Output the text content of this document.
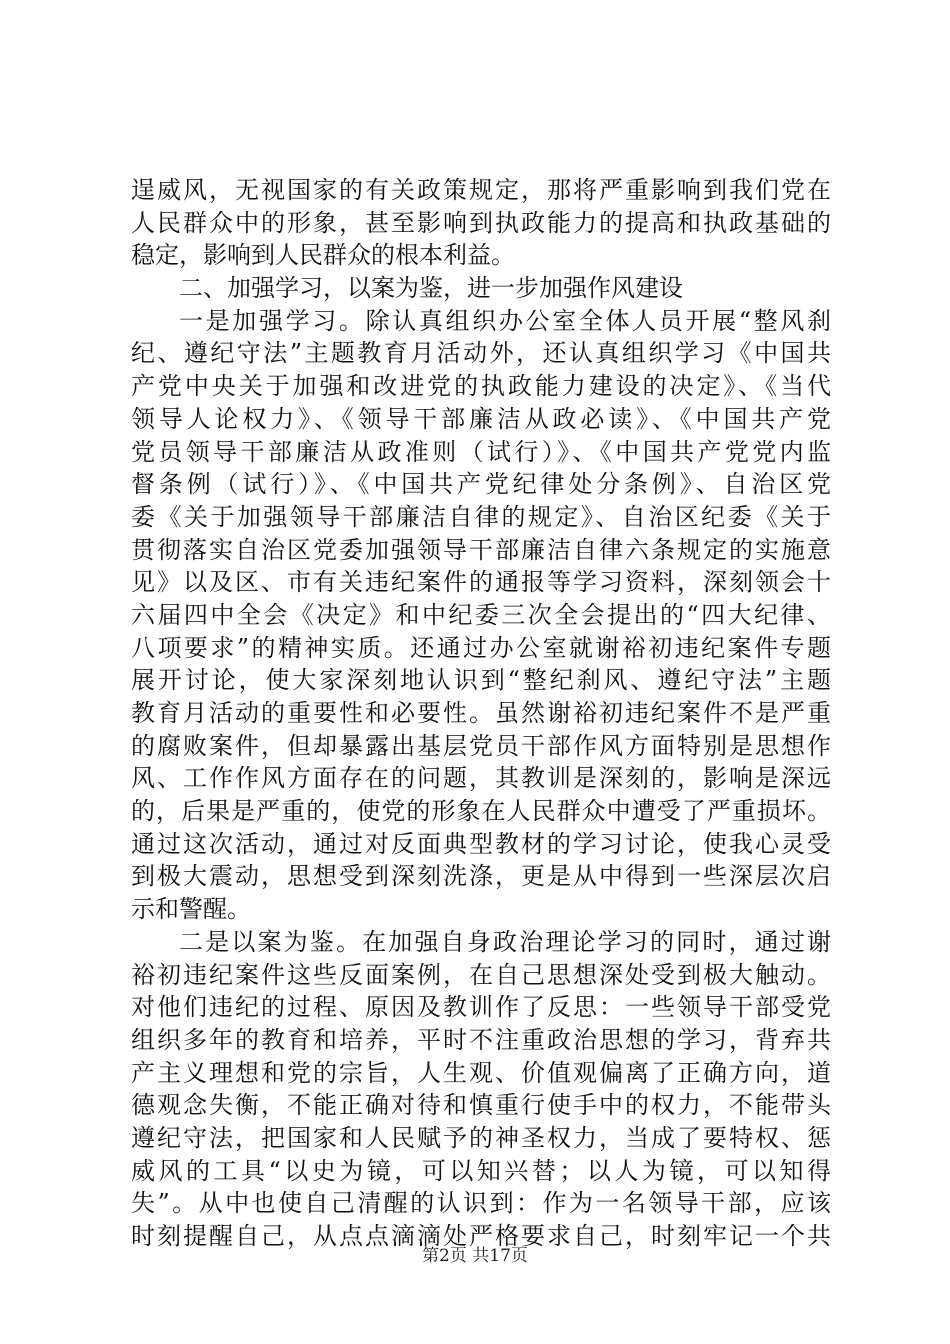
逞威风，无视国家的有关政策规定，那将严重影响到我们党在
人民群众中的形象，甚至影响到执政能力的提高和执政基础的
稳定，影响到人民群众的根本利益。
二、加强学习，以案为鉴，进一步加强作风建设
一是加强学习。除认真组织办公室全体人员开展“整风刹
纪、遵纪守法”主题教育月活动外，还认真组织学习《中国共
产党中央关于加强和改进党的执政能力建设的决定》、《当代
领导人论权力》、《领导干部廉洁从政必读》、《中国共产党
党员领导干部廉洁从政准则（试行）》、《中国共产党党内监
督条例（试行）》、《中国共产党纪律处分条例》、自治区党
委《关于加强领导干部廉洁自律的规定》、自治区纪委《关于
贯彻落实自治区党委加强领导干部廉洁自律六条规定的实施意
见》以及区、市有关违纪案件的通报等学习资料，深刻领会十
六届四中全会《决定》和中纪委三次全会提出的“四大纪律、
八项要求”的精神实质。还通过办公室就谢裕初违纪案件专题
展开讨论，使大家深刻地认识到“整纪刹风、遵纪守法”主题
教育月活动的重要性和必要性。虽然谢裕初违纪案件不是严重
的腐败案件，但却暴露出基层党员干部作风方面特别是思想作
风、工作作风方面存在的问题，其教训是深刻的，影响是深远
的，后果是严重的，使党的形象在人民群众中遭受了严重损坏。
通过这次活动，通过对反面典型教材的学习讨论，使我心灵受
到极大震动，思想受到深刻洗涤，更是从中得到一些深层次启
示和警醒。
二是以案为鉴。在加强自身政治理论学习的同时，通过谢
裕初违纪案件这些反面案例，在自己思想深处受到极大触动。
对他们违纪的过程、原因及教训作了反思：一些领导干部受党
组织多年的教育和培养，平时不注重政治思想的学习，背弃共
产主义理想和党的宗旨，人生观、价值观偏离了正确方向，道
德观念失衡，不能正确对待和慎重行使手中的权力，不能带头
遵纪守法，把国家和人民赋予的神圣权力，当成了要特权、惩
威风的工具“以史为镜，可以知兴替；以人为镜，可以知得
失”。从中也使自己清醒的认识到：作为一名领导干部，应该
时刻提醒自己，从点点滴滴处严格要求自己，时刻牢记一个共
第2页 共17页
